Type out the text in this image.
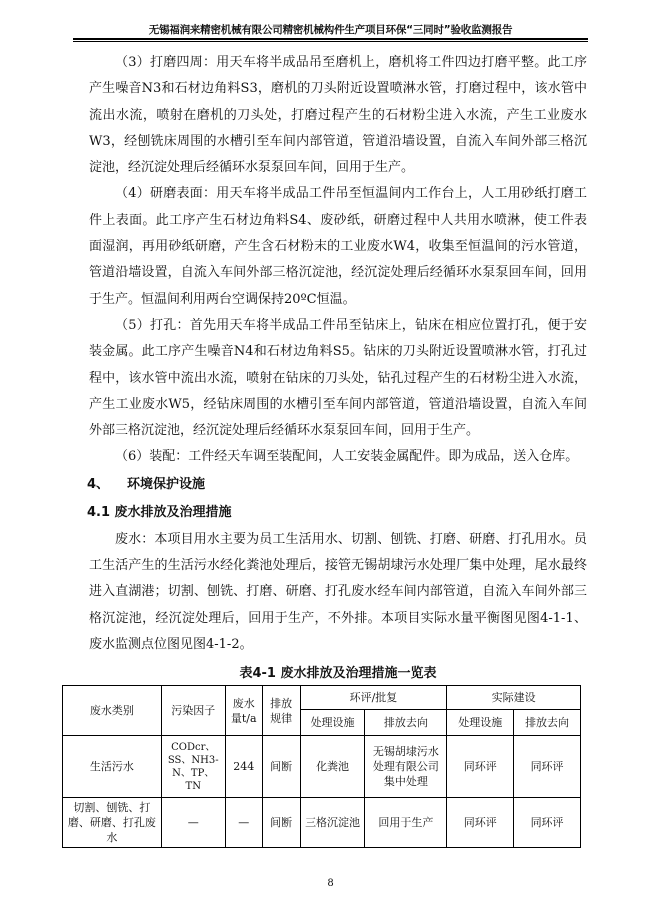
无锡福润来精密机械有限公司精密机械构件生产项目环保“三同时”验收监测报告

（3）打磨四周：用天车将半成品吊至磨机上，磨机将工件四边打磨平整。此工序产生噪音N3和石材边角料S3，磨机的刀头附近设置喷淋水管，打磨过程中，该水管中流出水流，喷射在磨机的刀头处，打磨过程产生的石材粉尘进入水流，产生工业废水W3，经刨铣床周围的水槽引至车间内部管道，管道沿墙设置，自流入车间外部三格沉淀池，经沉淀处理后经循环水泵泵回车间，回用于生产。

（4）研磨表面：用天车将半成品工件吊至恒温间内工作台上，人工用砂纸打磨工件上表面。此工序产生石材边角料S4、废砂纸，研磨过程中人共用水喷淋，使工件表面湿润，再用砂纸研磨，产生含石材粉末的工业废水W4，收集至恒温间的污水管道，管道沿墙设置，自流入车间外部三格沉淀池，经沉淀处理后经循环水泵泵回车间，回用于生产。恒温间利用两台空调保持20ºC恒温。

（5）打孔：首先用天车将半成品工件吊至钻床上，钻床在相应位置打孔，便于安装金属。此工序产生噪音N4和石材边角料S5。钻床的刀头附近设置喷淋水管，打孔过程中，该水管中流出水流，喷射在钻床的刀头处，钻孔过程产生的石材粉尘进入水流，产生工业废水W5，经钻床周围的水槽引至车间内部管道，管道沿墙设置，自流入车间外部三格沉淀池，经沉淀处理后经循环水泵泵回车间，回用于生产。

（6）装配：工件经天车调至装配间，人工安装金属配件。即为成品，送入仓库。

4、 环境保护设施
4.1 废水排放及治理措施

废水：本项目用水主要为员工生活用水、切割、刨铣、打磨、研磨、打孔用水。员工生活产生的生活污水经化粪池处理后，接管无锡胡埭污水处理厂集中处理，尾水最终进入直湖港；切割、刨铣、打磨、研磨、打孔废水经车间内部管道，自流入车间外部三格沉淀池，经沉淀处理后，回用于生产，不外排。本项目实际水量平衡图见图4-1-1、废水监测点位图见图4-1-2。

表4-1 废水排放及治理措施一览表
废水类别	污染因子	废水量t/a	排放规律	环评/批复		实际建设	
				处理设施	排放去向	处理设施	排放去向
生活污水	CODcr、SS、NH3-N、TP、TN	244	间断	化粪池	无锡胡埭污水处理有限公司集中处理	同环评	同环评
切割、刨铣、打磨、研磨、打孔废水	—	—	间断	三格沉淀池	回用于生产	同环评	同环评
8
